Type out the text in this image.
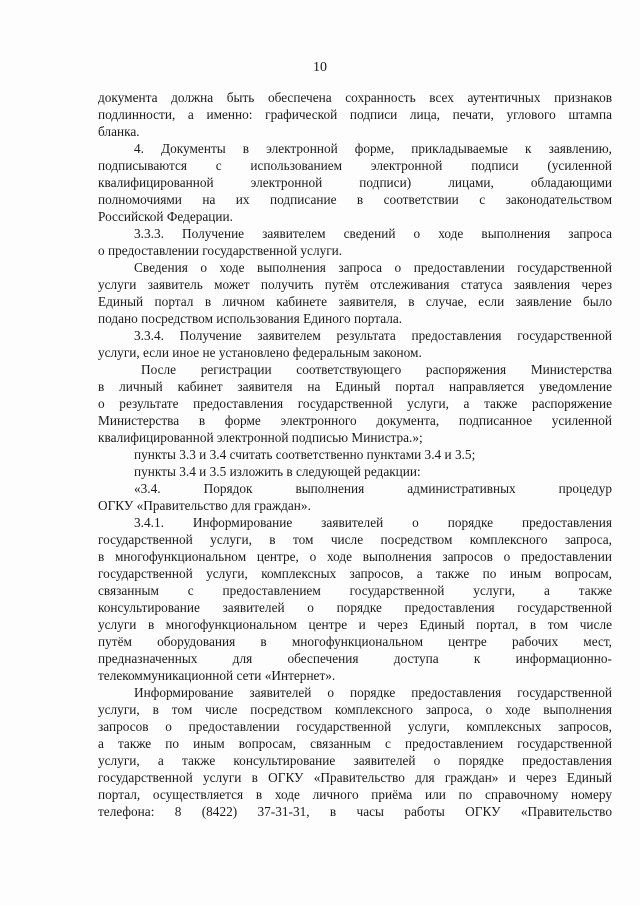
10
документа должна быть обеспечена сохранность всех аутентичных признаков
подлинности, а именно: графической подписи лица, печати, углового штампа
бланка.
4. Документы в электронной форме, прикладываемые к заявлению,
подписываются с использованием электронной подписи (усиленной
квалифицированной электронной подписи) лицами, обладающими
полномочиями на их подписание в соответствии с законодательством
Российской Федерации.
3.3.3. Получение заявителем сведений о ходе выполнения запроса
о предоставлении государственной услуги.
Сведения о ходе выполнения запроса о предоставлении государственной
услуги заявитель может получить путём отслеживания статуса заявления через
Единый портал в личном кабинете заявителя, в случае, если заявление было
подано посредством использования Единого портала.
3.3.4. Получение заявителем результата предоставления государственной
услуги, если иное не установлено федеральным законом.
После регистрации соответствующего распоряжения Министерства
в личный кабинет заявителя на Единый портал направляется уведомление
о результате предоставления государственной услуги, а также распоряжение
Министерства в форме электронного документа, подписанное усиленной
квалифицированной электронной подписью Министра.»;
пункты 3.3 и 3.4 считать соответственно пунктами 3.4 и 3.5;
пункты 3.4 и 3.5 изложить в следующей редакции:
«3.4. Порядок выполнения административных процедур
ОГКУ «Правительство для граждан».
3.4.1. Информирование заявителей о порядке предоставления
государственной услуги, в том числе посредством комплексного запроса,
в многофункциональном центре, о ходе выполнения запросов о предоставлении
государственной услуги, комплексных запросов, а также по иным вопросам,
связанным с предоставлением государственной услуги, а также
консультирование заявителей о порядке предоставления государственной
услуги в многофункциональном центре и через Единый портал, в том числе
путём оборудования в многофункциональном центре рабочих мест,
предназначенных для обеспечения доступа к информационно-
телекоммуникационной сети «Интернет».
Информирование заявителей о порядке предоставления государственной
услуги, в том числе посредством комплексного запроса, о ходе выполнения
запросов о предоставлении государственной услуги, комплексных запросов,
а также по иным вопросам, связанным с предоставлением государственной
услуги, а также консультирование заявителей о порядке предоставления
государственной услуги в ОГКУ «Правительство для граждан» и через Единый
портал, осуществляется в ходе личного приёма или по справочному номеру
телефона: 8 (8422) 37-31-31, в часы работы ОГКУ «Правительство
